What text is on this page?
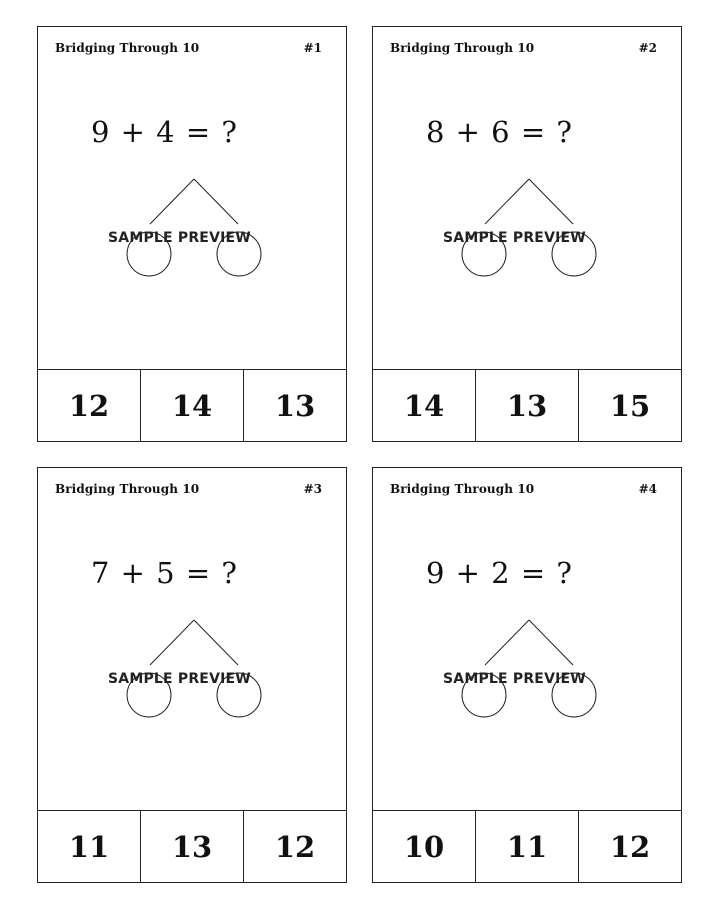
Bridging Through 10	#1
9 + 4 = ?
SAMPLE PREVIEW
12	14	13
Bridging Through 10	#2
8 + 6 = ?
SAMPLE PREVIEW
14	13	15
Bridging Through 10	#3
7 + 5 = ?
SAMPLE PREVIEW
11	13	12
Bridging Through 10	#4
9 + 2 = ?
SAMPLE PREVIEW
10	11	12
